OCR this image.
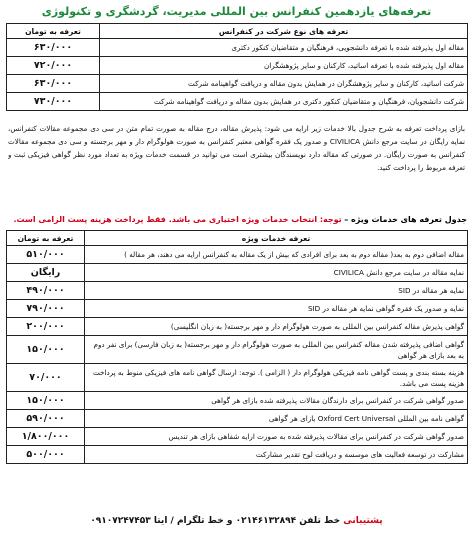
تعرفه‌های یازدهمین کنفرانس بین المللی مدیریت، گردشگری و تکنولوژی
تعرفه های نوع شرکت در کنفرانس	تعرفه به تومان
مقاله اول پذیرفته شده با تعرفه دانشجویی، فرهنگیان و متقاضیان کنکور دکتری	۶۳۰/۰۰۰
مقاله اول پذیرفته شده با تعرفه اساتید، کارکنان و سایر پژوهشگران	۷۲۰/۰۰۰
شرکت اساتید، کارکنان و سایر پژوهشگران در همایش بدون مقاله و دریافت گواهینامه شرکت	۶۳۰/۰۰۰
شرکت دانشجویان، فرهنگیان و متقاضیان کنکور دکتری در همایش بدون مقاله و دریافت گواهینامه شرکت	۷۳۰/۰۰۰
بازای پرداخت تعرفه به شرح جدول بالا خدمات زیر ارایه می شود: پذیرش مقاله، درج مقاله به صورت تمام متن در سی دی مجموعه مقالات کنفرانس، نمایه رایگان در سایت مرجع دانش CIVILICA و صدور یک فقره گواهی معتبر کنفرانس به صورت هولوگرام دار و مهر برجسته و سی دی مجموعه مقالات کنفرانس به صورت رایگان. در صورتی که مقاله دارد نویسندگان بیشتری است می توانید در قسمت خدمات ویژه به تعداد مورد نظر گواهی فیزیکی ثبت و تعرفه مربوط را پرداخت کنید.
جدول تعرفه های خدمات ویژه – توجه: انتخاب خدمات ویژه اختیاری می باشد. فقط پرداخت هزینه پست الزامی است.
تعرفه خدمات ویژه	تعرفه به تومان
مقاله اضافی دوم به بعد( مقاله دوم به بعد برای افرادی که بیش از یک مقاله به کنفرانس ارایه می دهند، هر مقاله )	۵۱۰/۰۰۰
نمایه مقاله در سایت مرجع دانش CIVILICA	رایگان
نمایه هر مقاله در SID	۴۹۰/۰۰۰
نمایه و صدور یک فقره گواهی نمایه هر مقاله در SID	۷۹۰/۰۰۰
گواهی پذیرش مقاله کنفرانس بین المللی به صورت هولوگرام دار و مهر برجسته( به زبان انگلیسی)	۲۰۰/۰۰۰
گواهی اضافی پذیرفته شدن مقاله کنفرانس بین المللی به صورت هولوگرام دار و مهر برجسته( به زبان فارسی) برای نفر دوم به بعد بازای هر گواهی	۱۵۰/۰۰۰
هزینه بسته بندی و پست گواهی نامه فیزیکی هولوگرام دار ( الزامی ). توجه: ارسال گواهی نامه های فیزیکی منوط به پرداخت هزینه پست می باشد.	۷۰/۰۰۰
صدور گواهی شرکت در کنفرانس برای دارندگان مقالات پذیرفته شده بازای هر گواهی	۱۵۰/۰۰۰
گواهی نامه بین المللی Oxford Cert Universal بازای هر گواهی	۵۹۰/۰۰۰
صدور گواهی شرکت در کنفرانس برای مقالات پذیرفته شده به صورت ارایه شفاهی بازای هر تندیس	۱/۸۰۰/۰۰۰
مشارکت در توسعه فعالیت های موسسه و دریافت لوح تقدیر مشارکت	۵۰۰/۰۰۰
پشتیبانی خط تلفن ۰۲۱۴۶۱۳۲۸۹۴ و خط تلگرام / ایتا ۰۹۱۰۷۲۴۷۴۵۳
